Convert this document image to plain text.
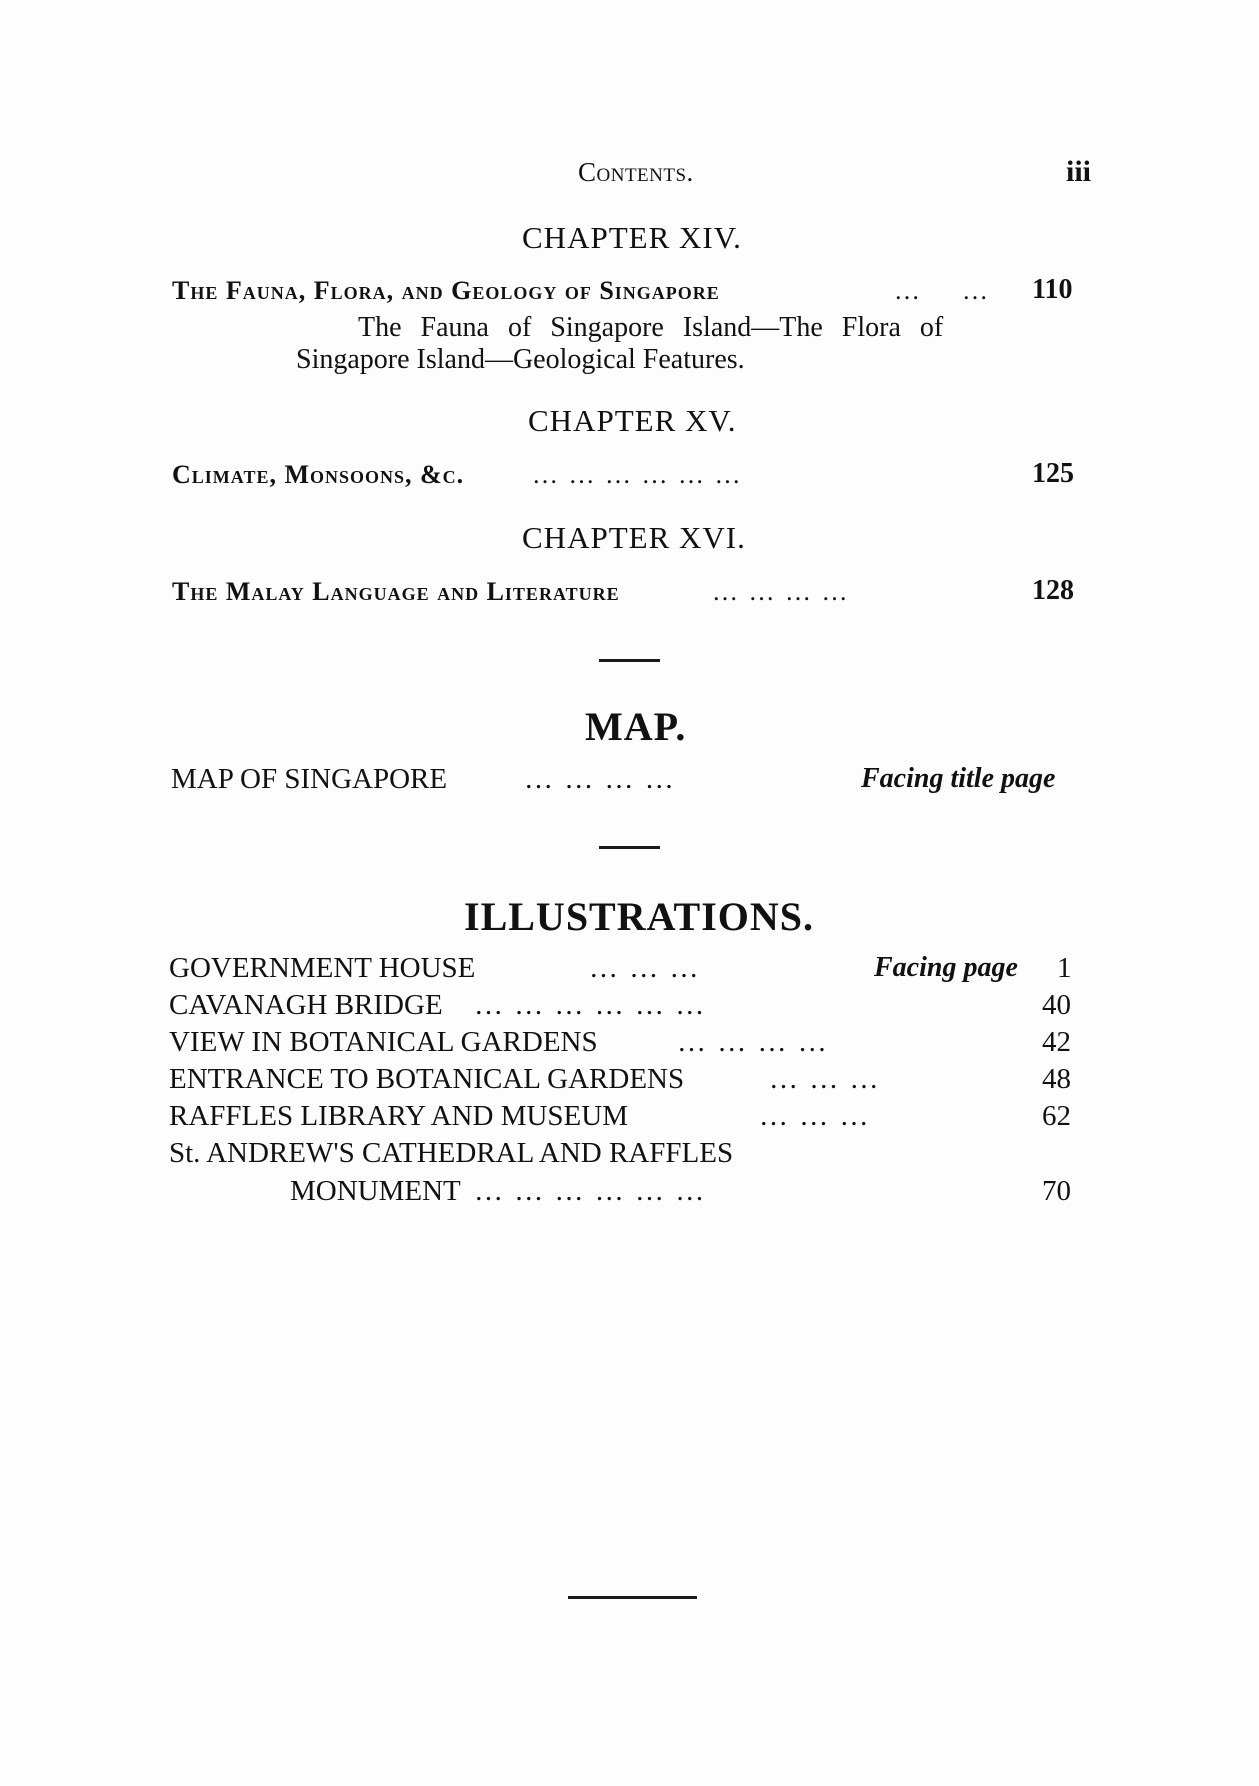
Contents.	iii
CHAPTER XIV.
The Fauna, Flora, and Geology of Singapore	… … 110
The Fauna of Singapore Island—The Flora of
Singapore Island—Geological Features.
CHAPTER XV.
Climate, Monsoons, &c.	… … … … … …	125
CHAPTER XVI.
The Malay Language and Literature	… … … …	128
MAP.
MAP OF SINGAPORE	… … … …	Facing title page
ILLUSTRATIONS.
GOVERNMENT HOUSE	… … …	Facing page 1
CAVANAGH BRIDGE … … … … … …	40
VIEW IN BOTANICAL GARDENS	… … … …	42
ENTRANCE TO BOTANICAL GARDENS	… … …	48
RAFFLES LIBRARY AND MUSEUM	… … …	62
St. ANDREW'S CATHEDRAL AND RAFFLES
MONUMENT … … … … … …	70
